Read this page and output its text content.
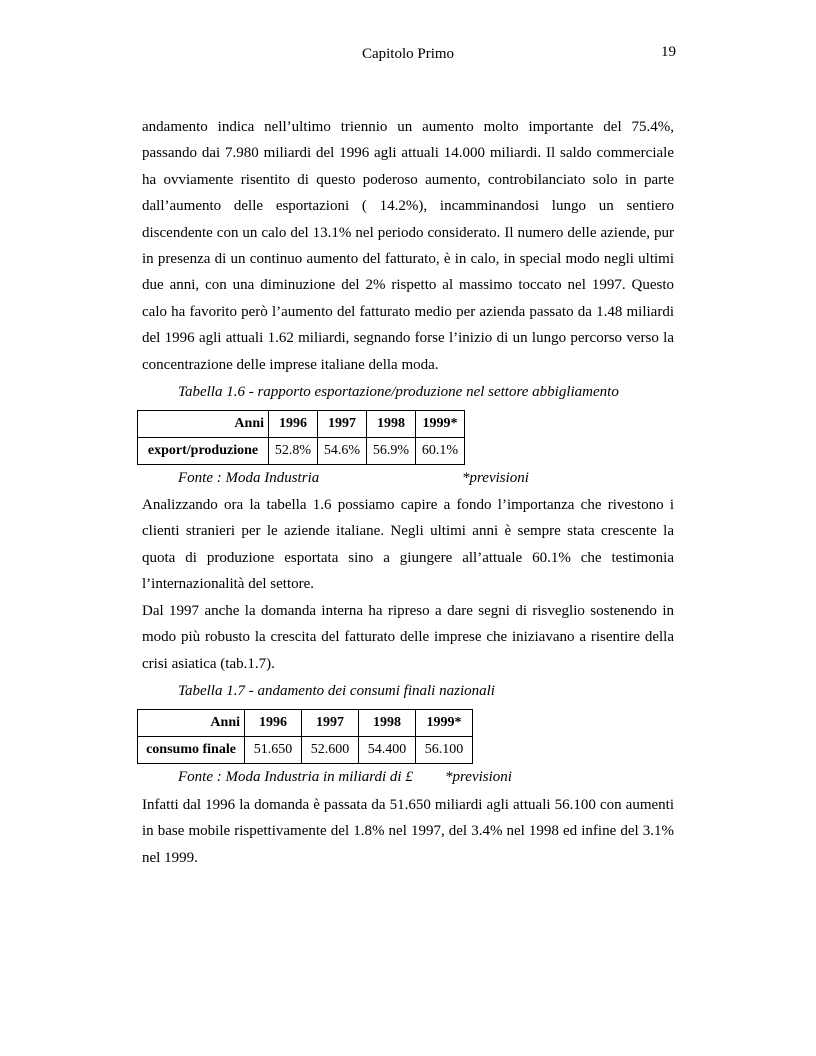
Capitolo Primo	19
andamento indica nell’ultimo triennio un aumento molto importante del 75.4%,
passando dai 7.980 miliardi del 1996 agli attuali 14.000 miliardi. Il saldo commerciale
ha ovviamente risentito di questo poderoso aumento, controbilanciato solo in parte
dall’aumento delle esportazioni ( 14.2%), incamminandosi lungo un sentiero
discendente con un calo del 13.1% nel periodo considerato. Il numero delle aziende, pur
in presenza di un continuo aumento del fatturato, è in calo, in special modo negli ultimi
due anni, con una diminuzione del 2% rispetto al massimo toccato nel 1997. Questo
calo ha favorito però l’aumento del fatturato medio per azienda passato da 1.48 miliardi
del 1996 agli attuali 1.62 miliardi, segnando forse l’inizio di un lungo percorso verso la
concentrazione delle imprese italiane della moda.
Tabella 1.6 - rapporto esportazione/produzione nel settore abbigliamento
Anni	1996	1997	1998	1999*
export/produzione	52.8%	54.6%	56.9%	60.1%
Fonte : Moda Industria	*previsioni
Analizzando ora la tabella 1.6 possiamo capire a fondo l’importanza che rivestono i
clienti stranieri per le aziende italiane. Negli ultimi anni è sempre stata crescente la
quota di produzione esportata sino a giungere all’attuale 60.1% che testimonia
l’internazionalità del settore.
Dal 1997 anche la domanda interna ha ripreso a dare segni di risveglio sostenendo in
modo più robusto la crescita del fatturato delle imprese che iniziavano a risentire della
crisi asiatica (tab.1.7).
Tabella 1.7 - andamento dei consumi finali nazionali
Anni	1996	1997	1998	1999*
consumo finale	51.650	52.600	54.400	56.100
Fonte : Moda Industria in miliardi di £ *previsioni
Infatti dal 1996 la domanda è passata da 51.650 miliardi agli attuali 56.100 con aumenti
in base mobile rispettivamente del 1.8% nel 1997, del 3.4% nel 1998 ed infine del 3.1%
nel 1999.
